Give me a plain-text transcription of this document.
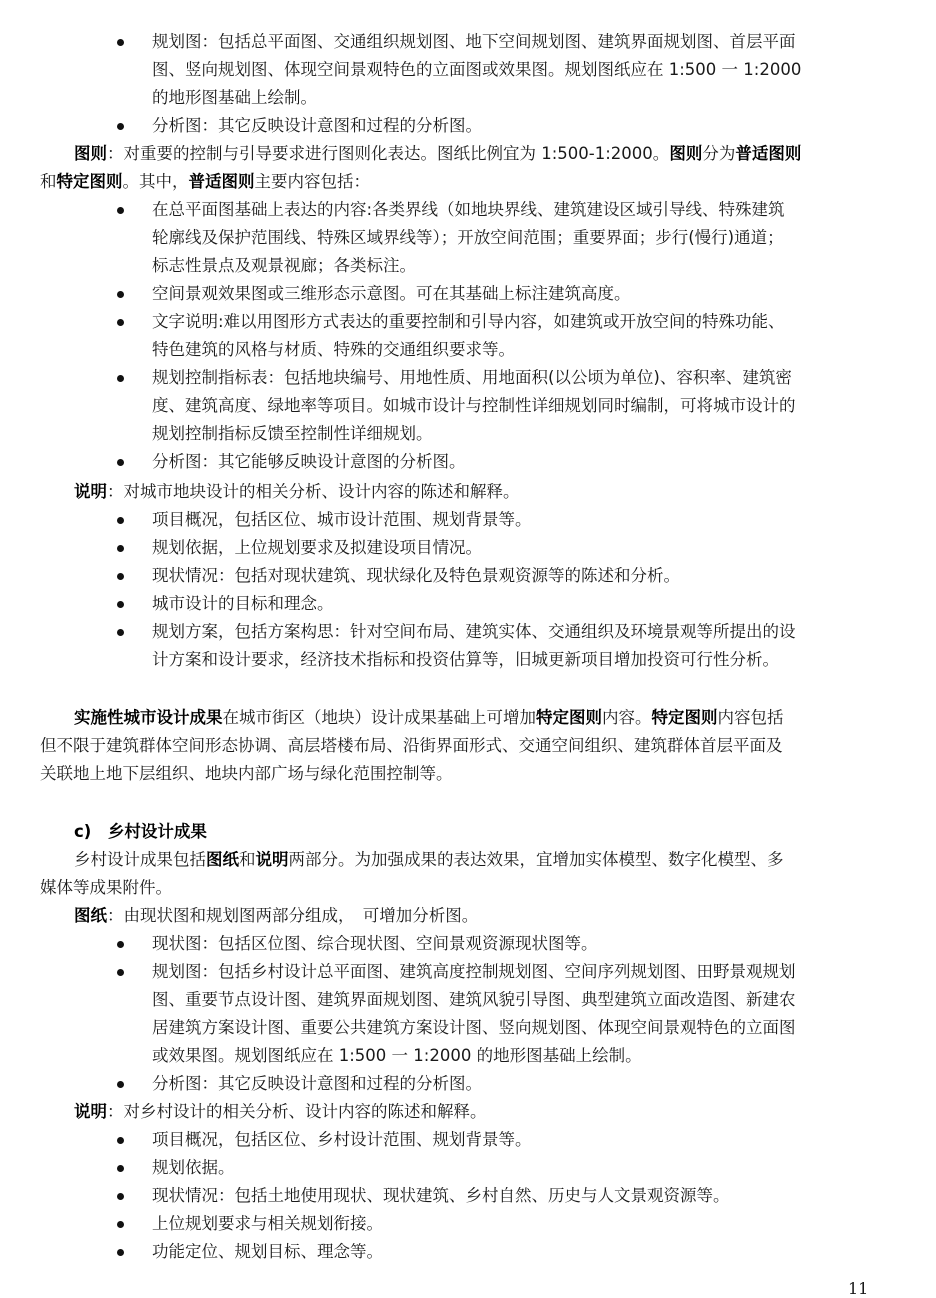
规划图：包括总平面图、交通组织规划图、地下空间规划图、建筑界面规划图、首层平面
图、竖向规划图、体现空间景观特色的立面图或效果图。规划图纸应在 1:500 一 1:2000
的地形图基础上绘制。
分析图：其它反映设计意图和过程的分析图。
图则：对重要的控制与引导要求进行图则化表达。图纸比例宜为 1:500-1:2000。图则分为普适图则
和特定图则。其中，普适图则主要内容包括：
在总平面图基础上表达的内容:各类界线（如地块界线、建筑建设区域引导线、特殊建筑
轮廓线及保护范围线、特殊区域界线等）；开放空间范围；重要界面；步行(慢行)通道；
标志性景点及观景视廊；各类标注。
空间景观效果图或三维形态示意图。可在其基础上标注建筑高度。
文字说明:难以用图形方式表达的重要控制和引导内容，如建筑或开放空间的特殊功能、
特色建筑的风格与材质、特殊的交通组织要求等。
规划控制指标表：包括地块编号、用地性质、用地面积(以公顷为单位)、容积率、建筑密
度、建筑高度、绿地率等项目。如城市设计与控制性详细规划同时编制，可将城市设计的
规划控制指标反馈至控制性详细规划。
分析图：其它能够反映设计意图的分析图。
说明：对城市地块设计的相关分析、设计内容的陈述和解释。
项目概况，包括区位、城市设计范围、规划背景等。
规划依据，上位规划要求及拟建设项目情况。
现状情况：包括对现状建筑、现状绿化及特色景观资源等的陈述和分析。
城市设计的目标和理念。
规划方案，包括方案构思：针对空间布局、建筑实体、交通组织及环境景观等所提出的设
计方案和设计要求，经济技术指标和投资估算等，旧城更新项目增加投资可行性分析。
实施性城市设计成果在城市街区（地块）设计成果基础上可增加特定图则内容。特定图则内容包括
但不限于建筑群体空间形态协调、高层塔楼布局、沿街界面形式、交通空间组织、建筑群体首层平面及
关联地上地下层组织、地块内部广场与绿化范围控制等。
c)　乡村设计成果
乡村设计成果包括图纸和说明两部分。为加强成果的表达效果，宜增加实体模型、数字化模型、多
媒体等成果附件。
图纸：由现状图和规划图两部分组成，　可增加分析图。
现状图：包括区位图、综合现状图、空间景观资源现状图等。
规划图：包括乡村设计总平面图、建筑高度控制规划图、空间序列规划图、田野景观规划
图、重要节点设计图、建筑界面规划图、建筑风貌引导图、典型建筑立面改造图、新建农
居建筑方案设计图、重要公共建筑方案设计图、竖向规划图、体现空间景观特色的立面图
或效果图。规划图纸应在 1:500 一 1:2000 的地形图基础上绘制。
分析图：其它反映设计意图和过程的分析图。
说明：对乡村设计的相关分析、设计内容的陈述和解释。
项目概况，包括区位、乡村设计范围、规划背景等。
规划依据。
现状情况：包括土地使用现状、现状建筑、乡村自然、历史与人文景观资源等。
上位规划要求与相关规划衔接。
功能定位、规划目标、理念等。
11
